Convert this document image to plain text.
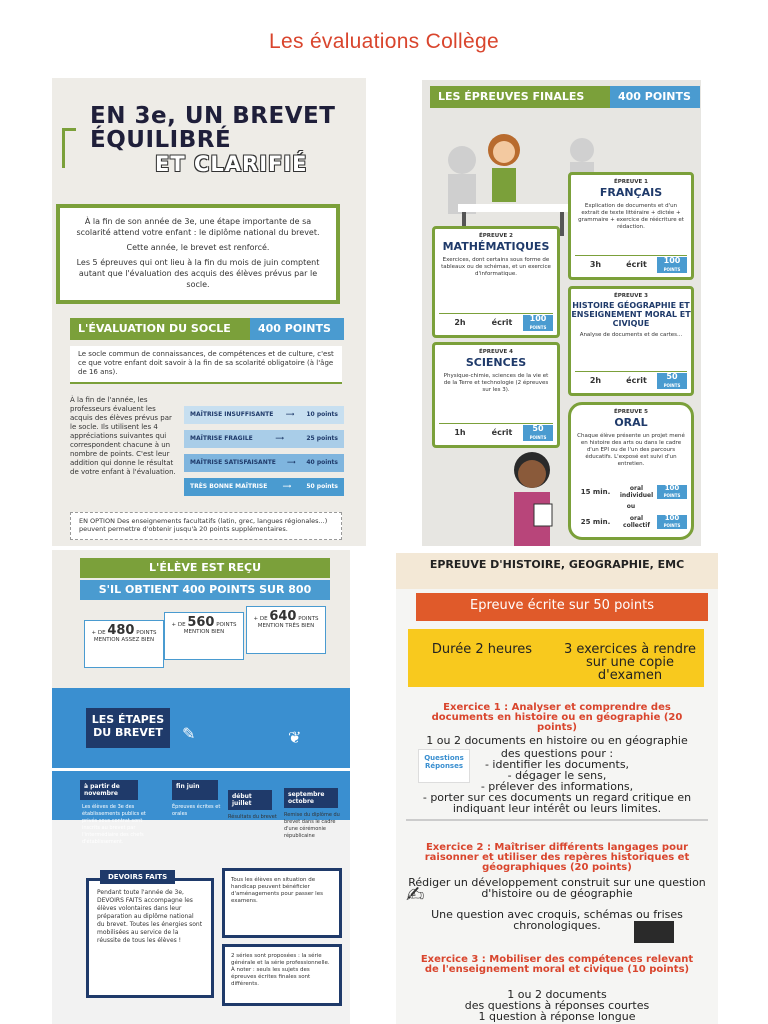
Les évaluations Collège
EN 3e, UN BREVET
ÉQUILIBRÉ
ET CLARIFIÉ

À la fin de son année de 3e, une étape importante de sa scolarité attend votre enfant : le diplôme national du brevet.

Cette année, le brevet est renforcé.

Les 5 épreuves qui ont lieu à la fin du mois de juin comptent autant que l'évaluation des acquis des élèves prévus par le socle.

L'ÉVALUATION DU SOCLE	400 POINTS
Le socle commun de connaissances, de compétences et de culture, c'est ce que votre enfant doit savoir à la fin de sa scolarité obligatoire (à l'âge de 16 ans).
À la fin de l'année, les professeurs évaluent les acquis des élèves prévus par le socle. Ils utilisent les 4 appréciations suivantes qui correspondent chacune à un nombre de points. C'est leur addition qui donne le résultat de votre enfant à l'évaluation.
MAÎTRISE INSUFFISANTE ⟶ 10 points
MAÎTRISE FRAGILE	⟶	25 points
MAÎTRISE SATISFAISANTE ⟶ 40 points
TRÈS BONNE MAÎTRISE	⟶	50 points
EN OPTION Des enseignements facultatifs (latin, grec, langues régionales...) peuvent permettre d'obtenir jusqu'à 20 points supplémentaires.
LES ÉPREUVES FINALES	400 POINTS
ÉPREUVE 1
FRANÇAIS
Explication de documents et d'un extrait de texte littéraire + dictée + grammaire + exercice de réécriture et rédaction.
3h	écrit	100
POINTS
ÉPREUVE 2
MATHÉMATIQUES
Exercices, dont certains sous forme de tableaux ou de schémas, et un exercice d'informatique.
2h	écrit	100
POINTS
ÉPREUVE 3
HISTOIRE GÉOGRAPHIE ET ENSEIGNEMENT MORAL ET CIVIQUE
Analyse de documents et de cartes...
2h	écrit	50
POINTS
ÉPREUVE 4
SCIENCES
Physique-chimie, sciences de la vie et de la Terre et technologie (2 épreuves sur les 3).
1h	écrit	50
POINTS
ÉPREUVE 5
ORAL
Chaque élève présente un projet mené en histoire des arts ou dans le cadre d'un EPI ou de l'un des parcours éducatifs. L'exposé est suivi d'un entretien.
15 min.	oral individuel
100
POINTS
ou
25 min.	oral collectif
100
POINTS
L'ÉLÈVE EST REÇU
S'IL OBTIENT 400 POINTS SUR 800
+ DE 480 POINTS
MENTION ASSEZ BIEN
+ DE 560 POINTS
MENTION BIEN
+ DE 640 POINTS
MENTION TRÈS BIEN
LES ÉTAPES DU BREVET	✎	❦
à partir de novembre
Les élèves de 3e des établissements publics et privés sous contrat sont inscrits au brevet par l'intermédiaire des chefs d'établissement.
fin juin
Épreuves écrites et orales
début juillet
Résultats du brevet
septembre octobre
Remise du diplôme du brevet dans le cadre d'une cérémonie républicaine
Pendant toute l'année de 3e, DEVOIRS FAITS accompagne les élèves volontaires dans leur préparation au diplôme national du brevet. Toutes les énergies sont mobilisées au service de la réussite de tous les élèves !
DEVOIRS FAITS	Tous les élèves en situation de handicap peuvent bénéficier d'aménagements pour passer les examens.
2 séries sont proposées : la série générale et la série professionnelle. À noter : seuls les sujets des épreuves écrites finales sont différents.
EPREUVE D'HISTOIRE, GEOGRAPHIE, EMC
Epreuve écrite sur 50 points
Durée 2 heures	3 exercices à rendre sur une copie d'examen
Exercice 1 : Analyser et comprendre des documents en histoire ou en géographie (20 points)
1 ou 2 documents en histoire ou en géographie
des questions pour :
- identifier les documents,
- dégager le sens,
- prélever des informations,
- porter sur ces documents un regard critique en indiquant leur intérêt ou leurs limites.
Questions Réponses
Exercice 2 : Maîtriser différents langages pour raisonner et utiliser des repères historiques et géographiques (20 points)
Rédiger un développement construit sur une question d'histoire ou de géographie
Une question avec croquis, schémas ou frises chronologiques.
✍
Exercice 3 : Mobiliser des compétences relevant de l'enseignement moral et civique (10 points)
1 ou 2 documents
des questions à réponses courtes
1 question à réponse longue
